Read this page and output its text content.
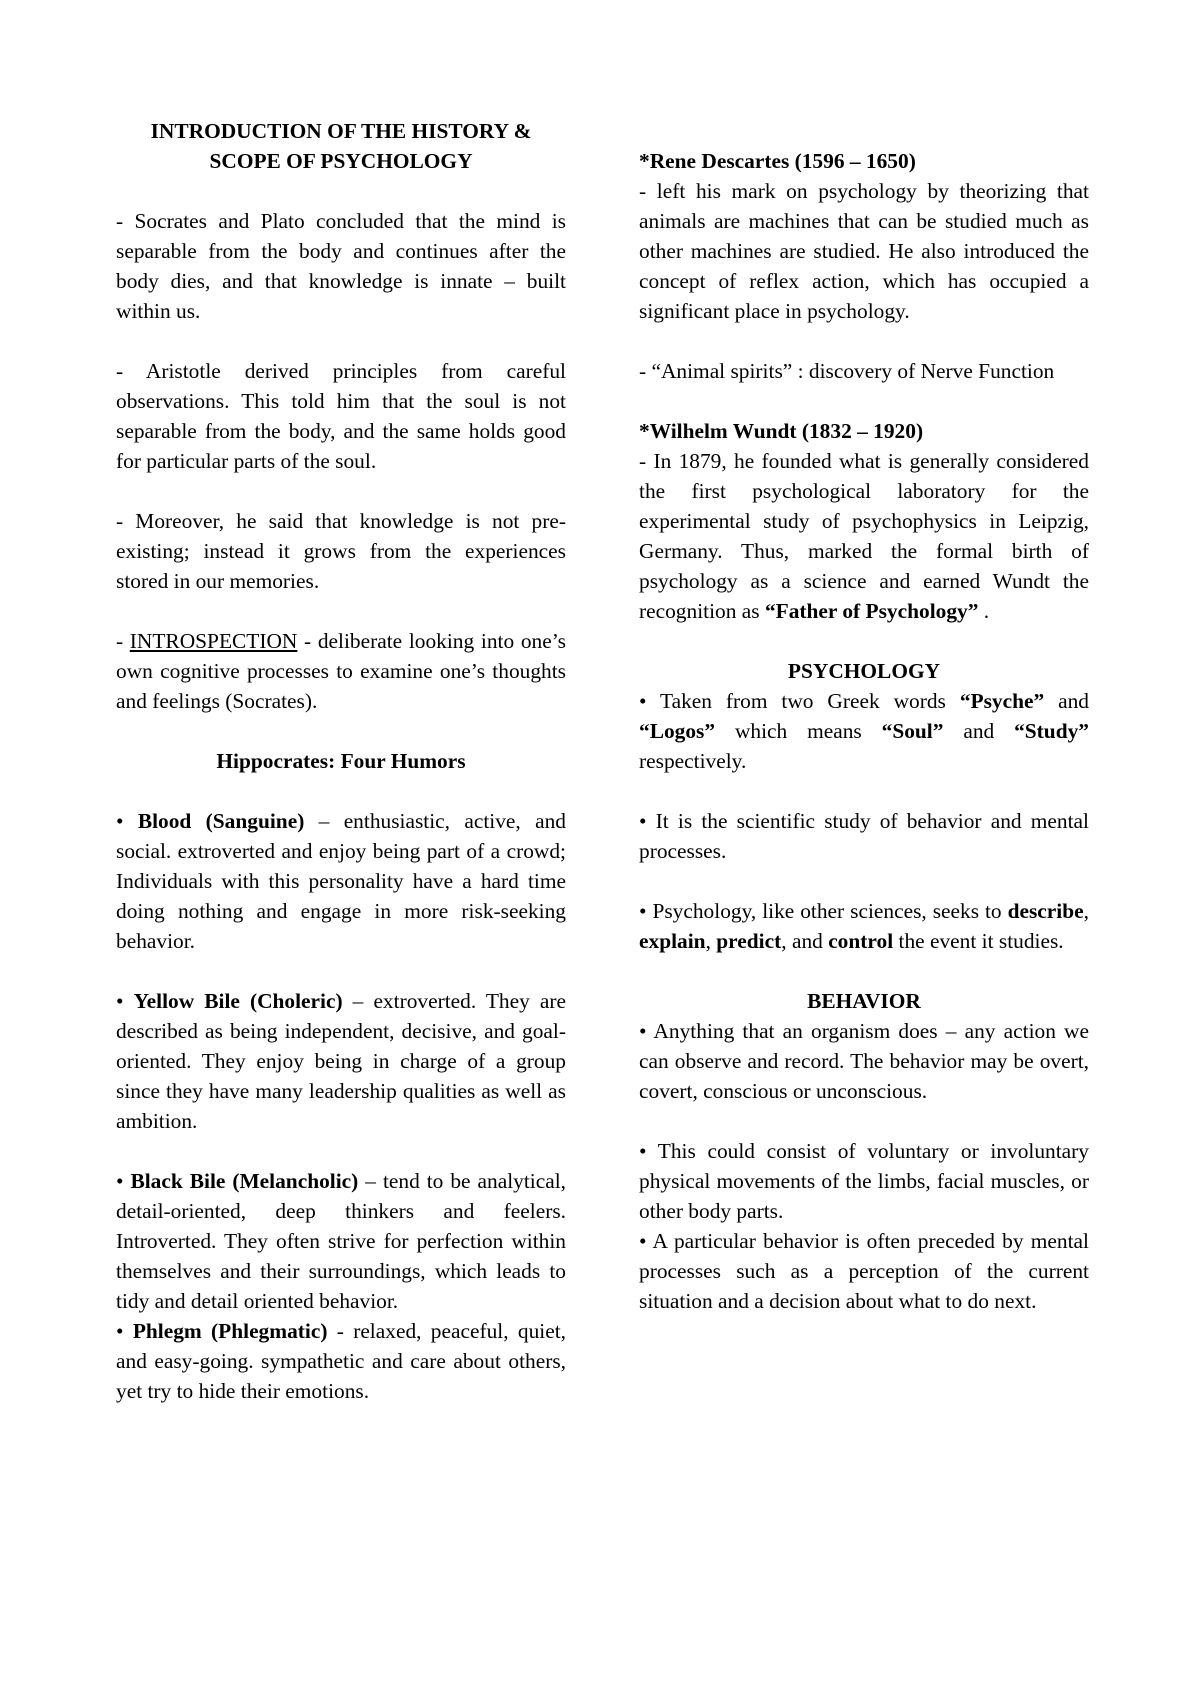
INTRODUCTION OF THE HISTORY &
SCOPE OF PSYCHOLOGY

- Socrates and Plato concluded that the mind is separable from the body and continues after the body dies, and that knowledge is innate – built within us.

- Aristotle derived principles from careful observations. This told him that the soul is not separable from the body, and the same holds good for particular parts of the soul.

- Moreover, he said that knowledge is not pre-existing; instead it grows from the experiences stored in our memories.

- INTROSPECTION - deliberate looking into one’s own cognitive processes to examine one’s thoughts and feelings (Socrates).

Hippocrates: Four Humors

• Blood (Sanguine) – enthusiastic, active, and social. extroverted and enjoy being part of a crowd; Individuals with this personality have a hard time doing nothing and engage in more risk-seeking behavior.

• Yellow Bile (Choleric) – extroverted. They are described as being independent, decisive, and goal-oriented. They enjoy being in charge of a group since they have many leadership qualities as well as ambition.

• Black Bile (Melancholic) – tend to be analytical, detail-oriented, deep thinkers and feelers. Introverted. They often strive for perfection within themselves and their surroundings, which leads to tidy and detail oriented behavior.

• Phlegm (Phlegmatic) - relaxed, peaceful, quiet, and easy-going. sympathetic and care about others, yet try to hide their emotions.

*Rene Descartes (1596 – 1650)

- left his mark on psychology by theorizing that animals are machines that can be studied much as other machines are studied. He also introduced the concept of reflex action, which has occupied a significant place in psychology.

- “Animal spirits” : discovery of Nerve Function

*Wilhelm Wundt (1832 – 1920)

- In 1879, he founded what is generally considered the first psychological laboratory for the experimental study of psychophysics in Leipzig, Germany. Thus, marked the formal birth of psychology as a science and earned Wundt the recognition as “Father of Psychology” .

PSYCHOLOGY

• Taken from two Greek words “Psyche” and “Logos” which means “Soul” and “Study” respectively.

• It is the scientific study of behavior and mental processes.

• Psychology, like other sciences, seeks to describe, explain, predict, and control the event it studies.

BEHAVIOR

• Anything that an organism does – any action we can observe and record. The behavior may be overt, covert, conscious or unconscious.

• This could consist of voluntary or involuntary physical movements of the limbs, facial muscles, or other body parts.

• A particular behavior is often preceded by mental processes such as a perception of the current situation and a decision about what to do next.
